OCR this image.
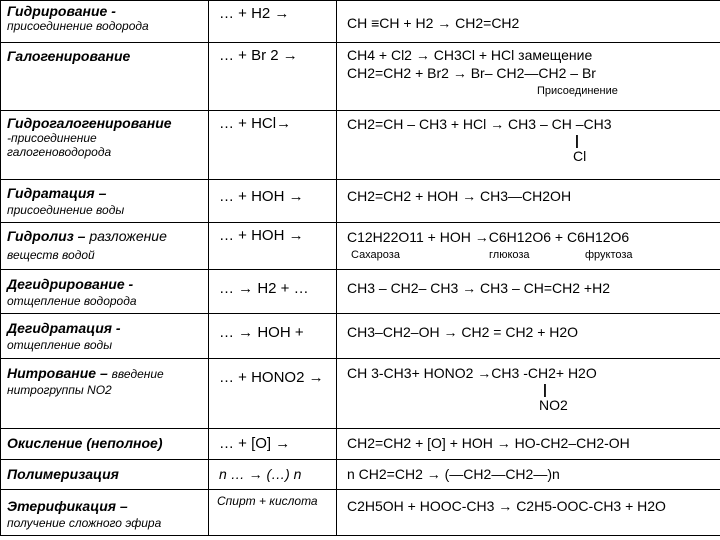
Гидрирование -
присоединение водорода	… + H2 →	CH ≡CH + H2 → CH2=CH2

Галогенирование	… + Br 2 →	CH4 + Cl2 → CH3Cl + HCl замещение
CH2=CH2 + Br2 → Br– CH2—CH2 – Br
Присоединение

Гидрогалогенирование
-присоединение
галогеноводорода	… + HCl→	CH2=CH – CH3 + HCl → CH3 – CH –CH3
|
Cl

Гидратация –
присоединение воды	… + HOH →	CH2=CH2 + HOH → CH3—CH2OH

Гидролиз – разложение
веществ водой	… + HOH →	C12H22O11 + HOH →C6H12O6 + C6H12O6
Сахароза глюкоза фруктоза

Дегидрирование -
отщепление водорода	… → H2 + …	CH3 – CH2– CH3 → CH3 – CH=CH2 +H2

Дегидратация -
отщепление воды	… → HOH +	CH3–CH2–OH → CH2 = CH2 + H2O

Нитрование – введение
нитрогруппы NO2	… + HONO2 →	CH 3-CH3+ HONO2 →CH3 -CH2+ H2O
|
NO2

Окисление (неполное)	… + [O] →	CH2=CH2 + [O] + HOH → HO-CH2–CH2-OH

Полимеризация	n … → (…) n	n CH2=CH2 → (—CH2—CH2—)n

Этерификация –
получение сложного эфира	Спирт + кислота	C2H5OH + HOOC-CH3 → C2H5-OOC-CH3 + H2O
